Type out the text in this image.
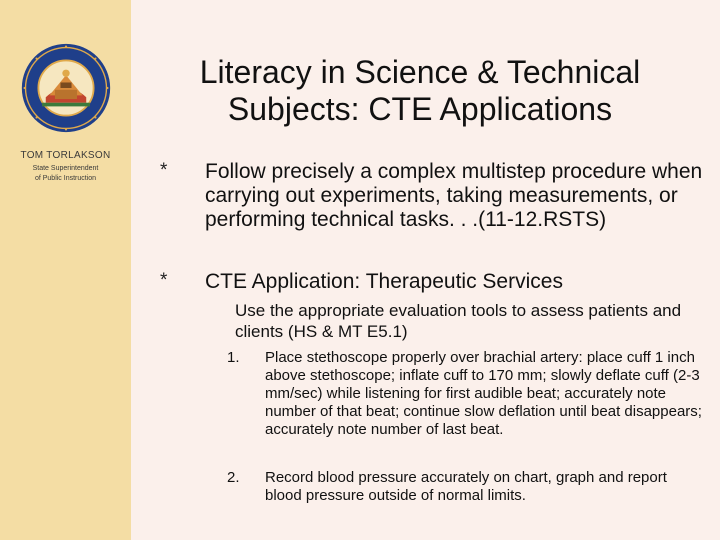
TOM TORLAKSON
State Superintendent
of Public Instruction
Literacy in Science & Technical
Subjects: CTE Applications
* Follow precisely a complex multistep procedure when carrying out experiments, taking measurements, or performing technical tasks. . .(11-12.RSTS)
* CTE Application: Therapeutic Services
Use the appropriate evaluation tools to assess patients and clients (HS & MT E5.1)
1. Place stethoscope properly over brachial artery: place cuff 1 inch above stethoscope; inflate cuff to 170 mm; slowly deflate cuff (2-3 mm/sec) while listening for first audible beat; accurately note number of that beat; continue slow deflation until beat disappears; accurately note number of last beat.
2. Record blood pressure accurately on chart, graph and report blood pressure outside of normal limits.
